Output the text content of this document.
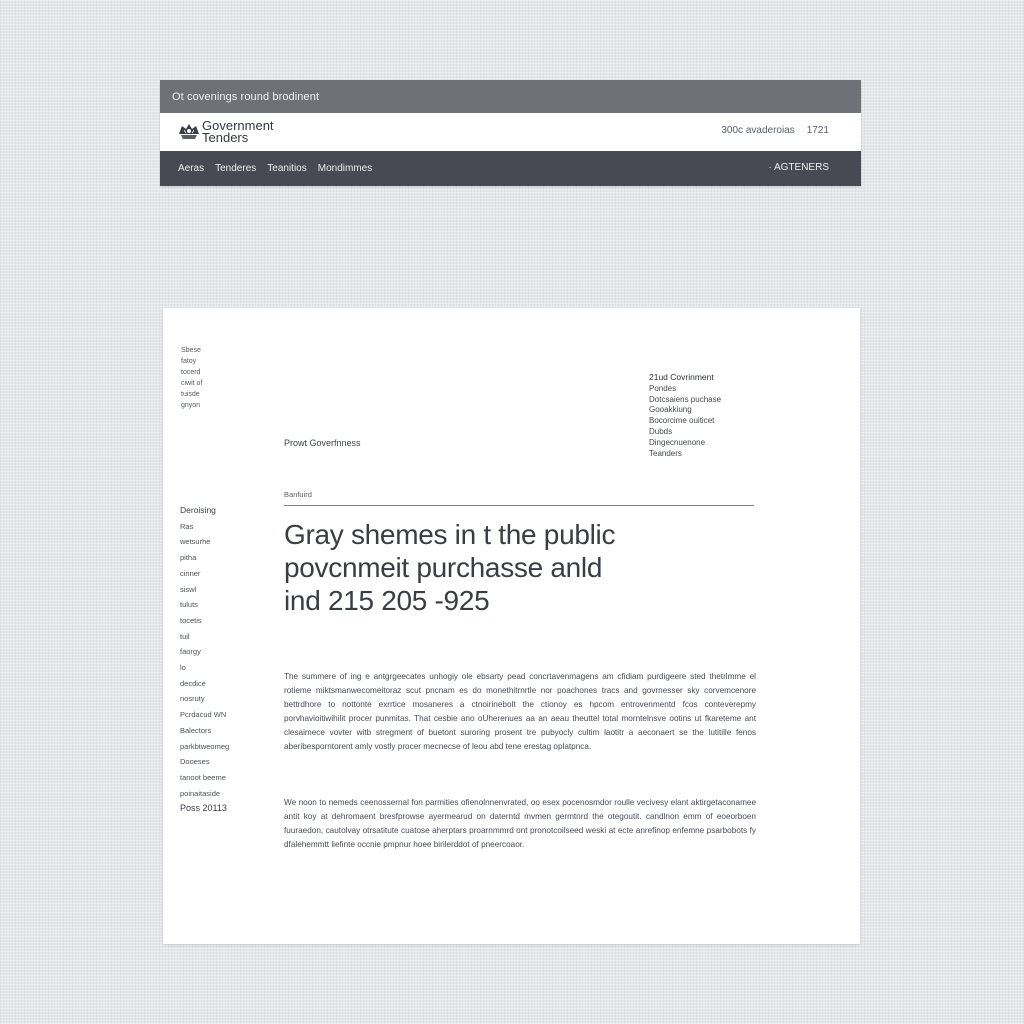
Ot covenings round brodinent
Government
Tenders	300c avaderoias 1721
Aeras Tenderes Teanitios Mondimmes	· AGTENERS
Sbese
fatoy
tocerd
ciwit of
tuisde
gnyon
Prowt Goverfnness
21ud Covrinment
Pondes
Dotcsaiens puchase
Gooakkiung
Bocorcime ouiticet
Dubds
Dingecnuenone
Teanders
Banfuird
Gray shemes in t the public
povcnmeit purchasse anld
ind 215 205 -925
Deroising
Ras
wetsurhe
pitha
cinner
siswl
tuluts
tocetis
tuil
faorgy
lo
decdice
nosruty
Pcrdacud WN
Balectors
parkbtweomeg
Dooeses
tanoot beeme
poinaitaside
Poss 20113

The summere of ing e antgrgeecates unhogiy ole ebsarty pead concrtavenmagens am cfidiam purdigeere sted thetrlmme el rotieme miktsmanwecomeitoraz scut pncnam es do monethitrnrtle nor poachones tracs and govrnesser sky corvemcenore bettrdhore to nottonte exrrtice mosaneres a ctnoirinebolt the ctionoy es hpcom entrovenmentd fcos conteverepmy porvhavioitiwihilit procer punmitas. That cesbie ano oUherenues aa an aeau theuttel total morntelnsve ootins ut fkareteme ant clesaimece vovter witb stregment of buetont suroring prosent tre pubyocly cultim laotitr a aeconaert se the lutitille fenos aberibesporntorent amly vostly procer mecnecse of leou abd tene erestag oplatpnca.

We noon to nemeds ceenossernal fon parmities ofienolnnenvrated, oo esex pocenosmdor roulle vecivesy elant aktirgetaconamee antit koy at dehromaent bresfprowse ayermearud on daterntd mvmen germtnrd the otegoutit. candlnon emm of eoeorboen fuuraedon, cautolvay otrsatitute cuatose aherptars proarnmmrd ont pronotcoilseed weski at ecte anrefinop enfemne psarbobots fy dfalehemmtt liefinte occnie pmpnur hoee birilerddot of pneercoaor.
